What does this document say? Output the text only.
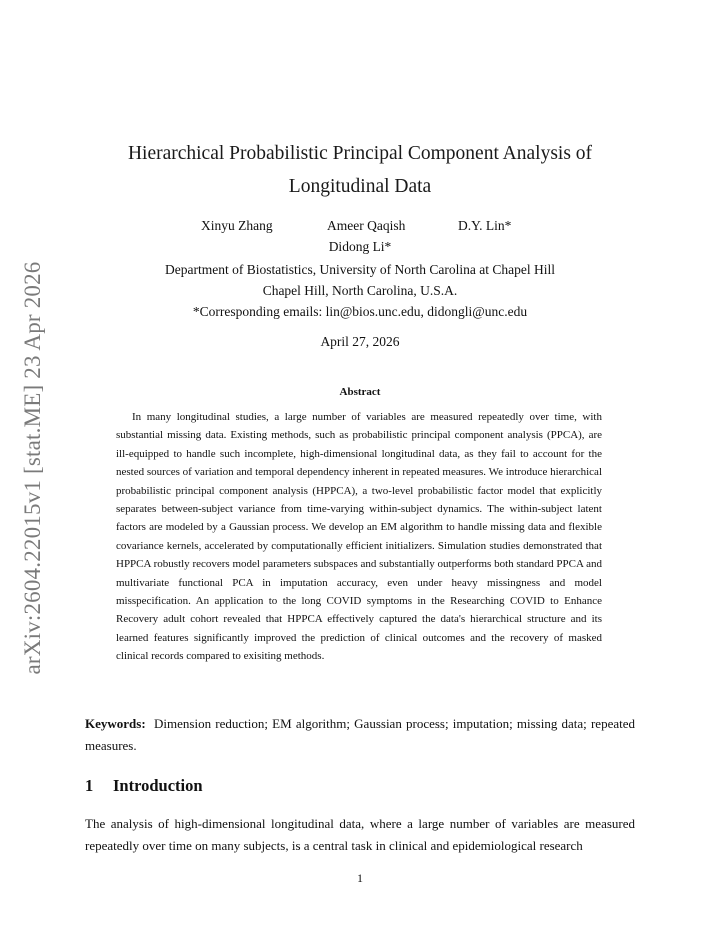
arXiv:2604.22015v1 [stat.ME] 23 Apr 2026
Hierarchical Probabilistic Principal Component Analysis of
Longitudinal Data
Xinyu Zhang	Ameer Qaqish	D.Y. Lin*
Didong Li*
Department of Biostatistics, University of North Carolina at Chapel Hill
Chapel Hill, North Carolina, U.S.A.
*Corresponding emails: lin@bios.unc.edu, didongli@unc.edu
April 27, 2026
Abstract
In many longitudinal studies, a large number of variables are measured repeatedly over time, with substantial missing data. Existing methods, such as probabilistic principal component analysis (PPCA), are ill-equipped to handle such incomplete, high-dimensional longitudinal data, as they fail to account for the nested sources of variation and temporal dependency inherent in repeated measures. We introduce hierarchical probabilistic principal component analysis (HPPCA), a two-level probabilistic factor model that explicitly separates between-subject variance from time-varying within-subject dynamics. The within-subject latent factors are modeled by a Gaussian process. We develop an EM algorithm to handle missing data and flexible covariance kernels, accelerated by computationally efficient initializers. Simulation studies demonstrated that HPPCA robustly recovers model parameters subspaces and substantially outperforms both standard PPCA and multivariate functional PCA in imputation accuracy, even under heavy missingness and model misspecification. An application to the long COVID symptoms in the Researching COVID to Enhance Recovery adult cohort revealed that HPPCA effectively captured the data's hierarchical structure and its learned features significantly improved the prediction of clinical outcomes and the recovery of masked clinical records compared to exisiting methods.
Keywords: Dimension reduction; EM algorithm; Gaussian process; imputation; missing data; repeated measures.
1 Introduction
The analysis of high-dimensional longitudinal data, where a large number of variables are measured repeatedly over time on many subjects, is a central task in clinical and epidemiological research
1
